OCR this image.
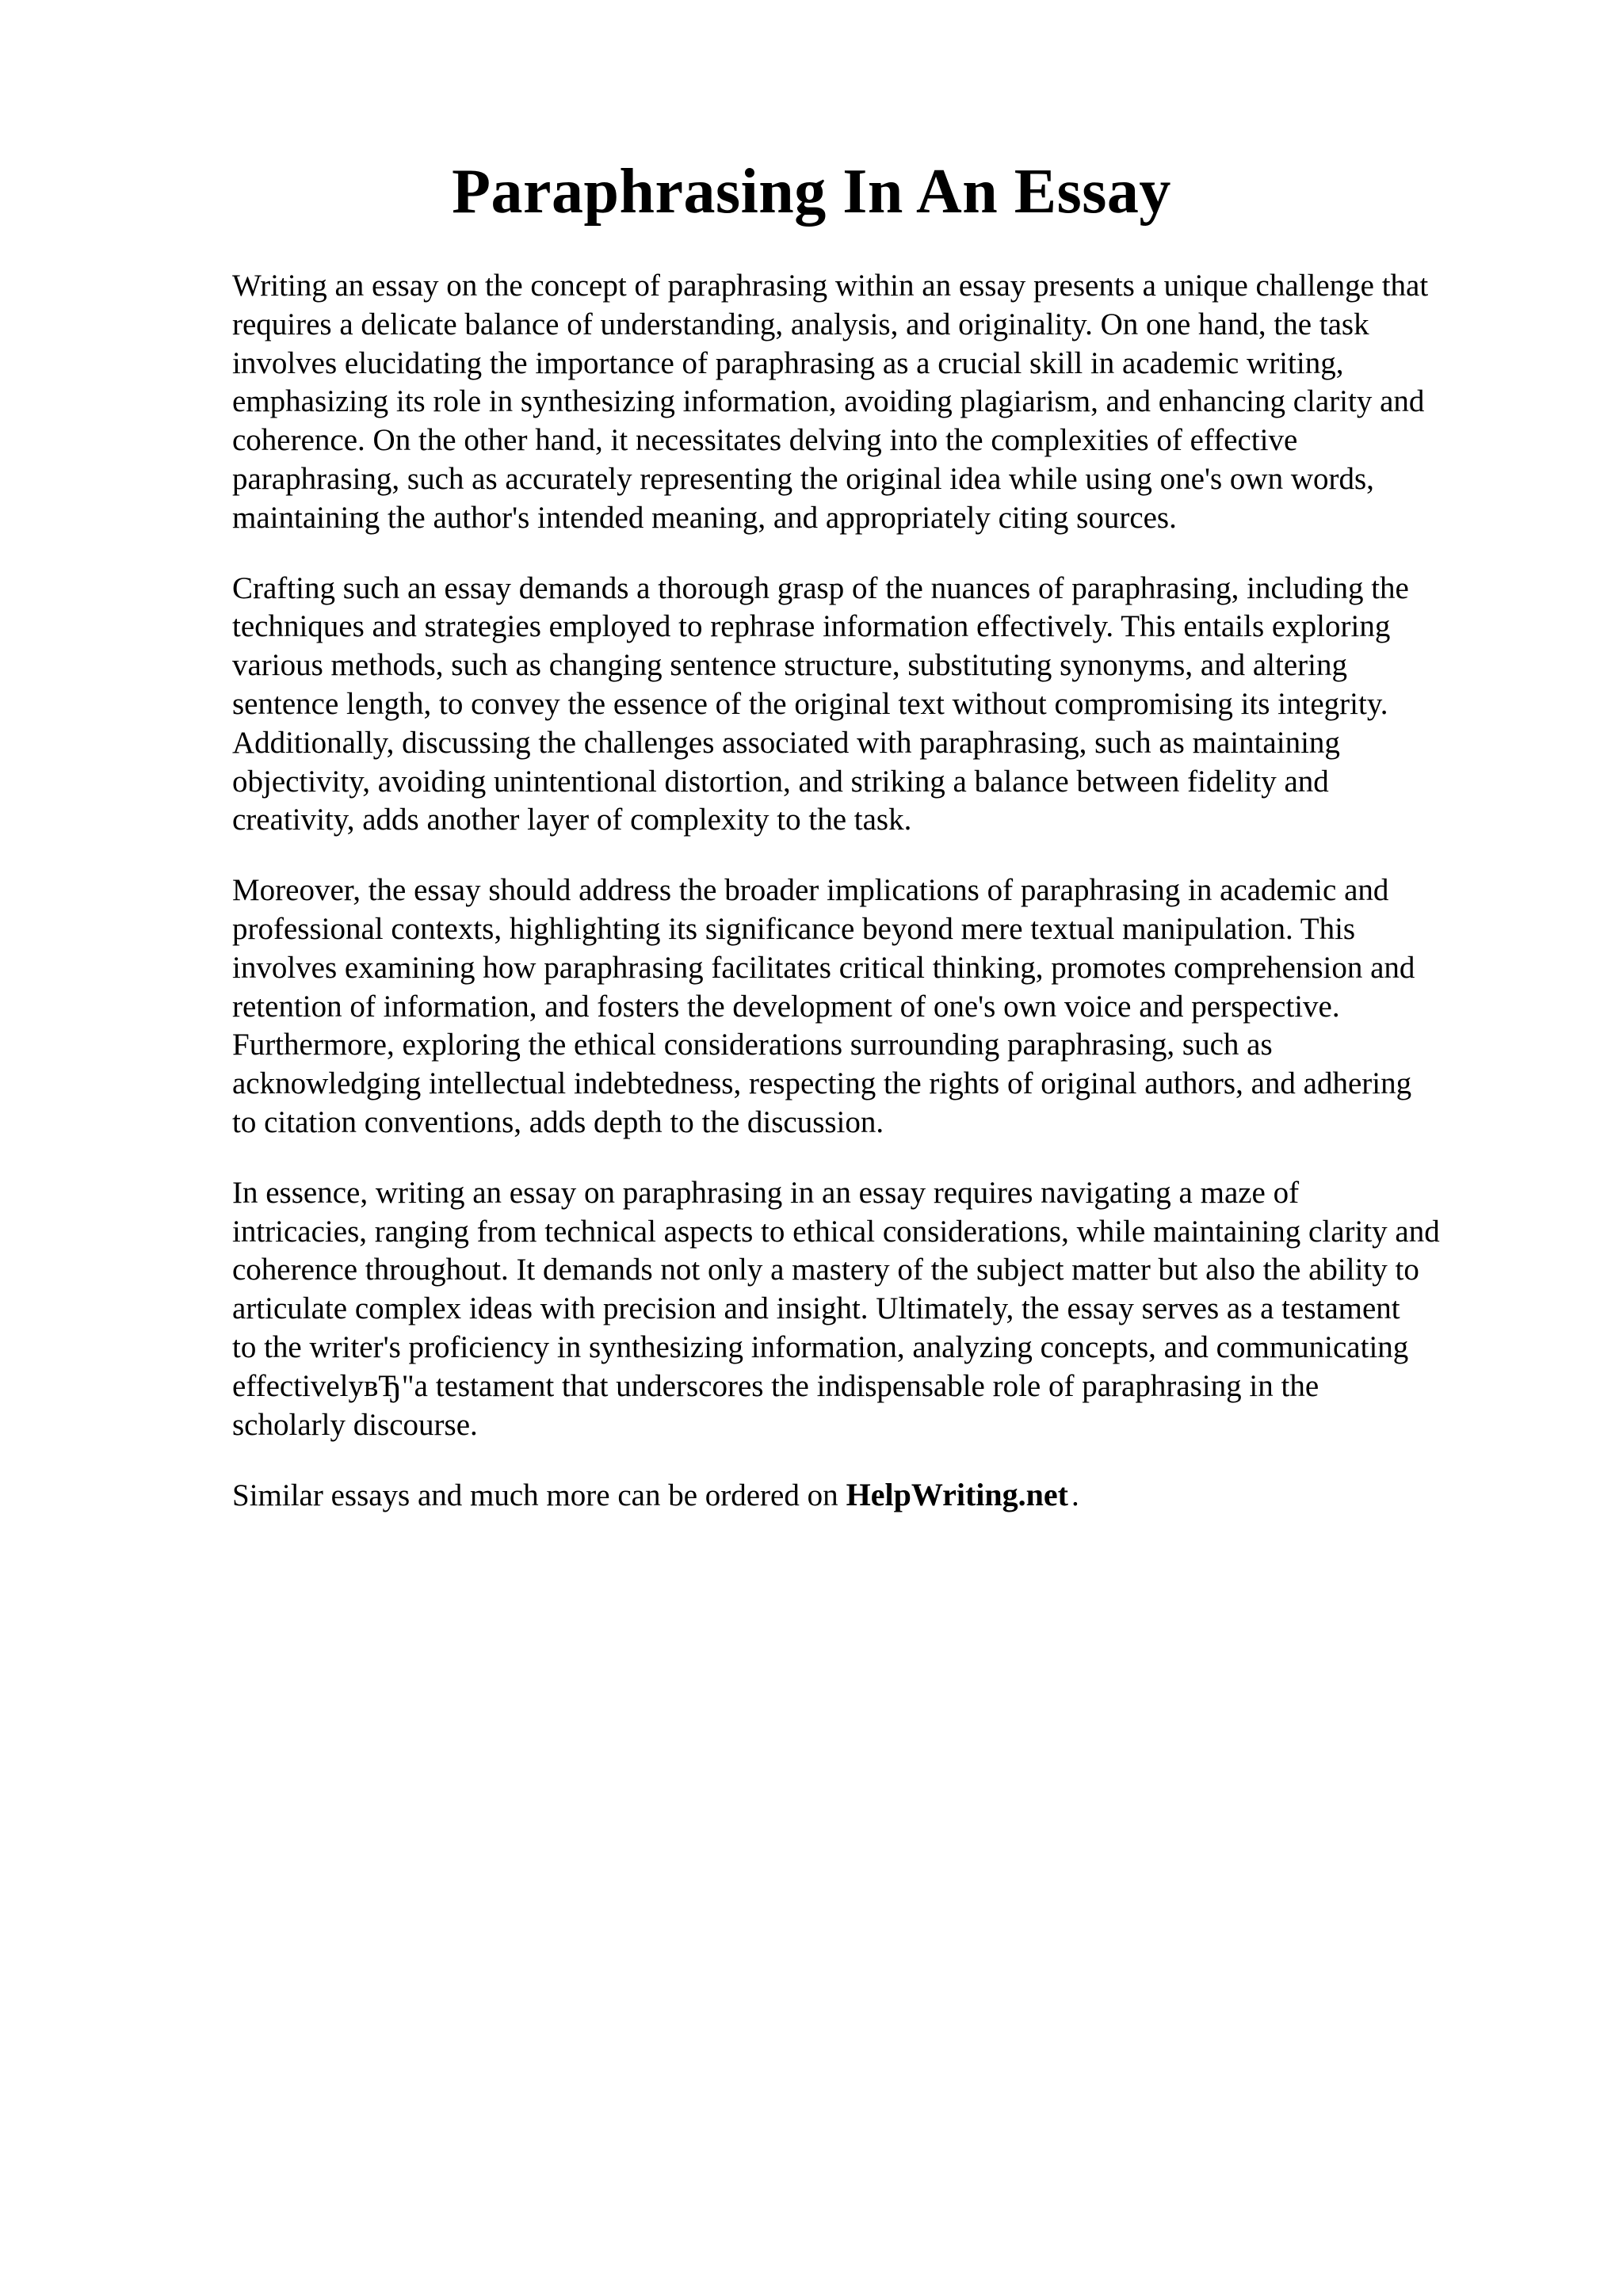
Paraphrasing In An Essay

Writing an essay on the concept of paraphrasing within an essay presents a unique challenge that
requires a delicate balance of understanding, analysis, and originality. On one hand, the task
involves elucidating the importance of paraphrasing as a crucial skill in academic writing,
emphasizing its role in synthesizing information, avoiding plagiarism, and enhancing clarity and
coherence. On the other hand, it necessitates delving into the complexities of effective
paraphrasing, such as accurately representing the original idea while using one's own words,
maintaining the author's intended meaning, and appropriately citing sources.

Crafting such an essay demands a thorough grasp of the nuances of paraphrasing, including the
techniques and strategies employed to rephrase information effectively. This entails exploring
various methods, such as changing sentence structure, substituting synonyms, and altering
sentence length, to convey the essence of the original text without compromising its integrity.
Additionally, discussing the challenges associated with paraphrasing, such as maintaining
objectivity, avoiding unintentional distortion, and striking a balance between fidelity and
creativity, adds another layer of complexity to the task.

Moreover, the essay should address the broader implications of paraphrasing in academic and
professional contexts, highlighting its significance beyond mere textual manipulation. This
involves examining how paraphrasing facilitates critical thinking, promotes comprehension and
retention of information, and fosters the development of one's own voice and perspective.
Furthermore, exploring the ethical considerations surrounding paraphrasing, such as
acknowledging intellectual indebtedness, respecting the rights of original authors, and adhering
to citation conventions, adds depth to the discussion.

In essence, writing an essay on paraphrasing in an essay requires navigating a maze of
intricacies, ranging from technical aspects to ethical considerations, while maintaining clarity and
coherence throughout. It demands not only a mastery of the subject matter but also the ability to
articulate complex ideas with precision and insight. Ultimately, the essay serves as a testament
to the writer's proficiency in synthesizing information, analyzing concepts, and communicating
effectivelyвЂ"a testament that underscores the indispensable role of paraphrasing in the
scholarly discourse.

Similar essays and much more can be ordered on HelpWriting.net .
